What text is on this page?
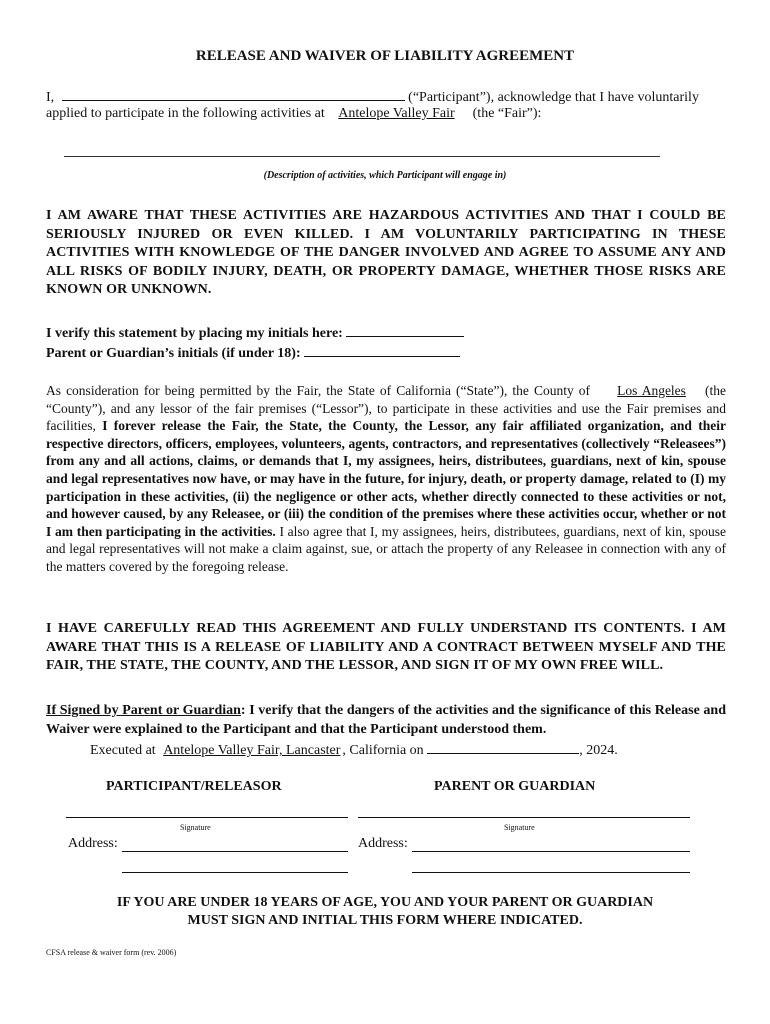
RELEASE AND WAIVER OF LIABILITY AGREEMENT
I,	(“Participant”), acknowledge that I have voluntarily
applied to participate in the following activities at Antelope Valley Fair (the “Fair”):
(Description of activities, which Participant will engage in)
I AM AWARE THAT THESE ACTIVITIES ARE HAZARDOUS ACTIVITIES AND THAT I COULD BE SERIOUSLY INJURED OR EVEN KILLED. I AM VOLUNTARILY PARTICIPATING IN THESE ACTIVITIES WITH KNOWLEDGE OF THE DANGER INVOLVED AND AGREE TO ASSUME ANY AND ALL RISKS OF BODILY INJURY, DEATH, OR PROPERTY DAMAGE, WHETHER THOSE RISKS ARE KNOWN OR UNKNOWN.
I verify this statement by placing my initials here:
Parent or Guardian’s initials (if under 18):
As consideration for being permitted by the Fair, the State of California (“State”), the County of Los Angeles (the “County”), and any lessor of the fair premises (“Lessor”), to participate in these activities and use the Fair premises and facilities, I forever release the Fair, the State, the County, the Lessor, any fair affiliated organization, and their respective directors, officers, employees, volunteers, agents, contractors, and representatives (collectively “Releasees”) from any and all actions, claims, or demands that I, my assignees, heirs, distributees, guardians, next of kin, spouse and legal representatives now have, or may have in the future, for injury, death, or property damage, related to (I) my participation in these activities, (ii) the negligence or other acts, whether directly connected to these activities or not, and however caused, by any Releasee, or (iii) the condition of the premises where these activities occur, whether or not I am then participating in the activities. I also agree that I, my assignees, heirs, distributees, guardians, next of kin, spouse and legal representatives will not make a claim against, sue, or attach the property of any Releasee in connection with any of the matters covered by the foregoing release.
I HAVE CAREFULLY READ THIS AGREEMENT AND FULLY UNDERSTAND ITS CONTENTS. I AM AWARE THAT THIS IS A RELEASE OF LIABILITY AND A CONTRACT BETWEEN MYSELF AND THE FAIR, THE STATE, THE COUNTY, AND THE LESSOR, AND SIGN IT OF MY OWN FREE WILL.
If Signed by Parent or Guardian: I verify that the dangers of the activities and the significance of this Release and Waiver were explained to the Participant and that the Participant understood them.
Executed at Antelope Valley Fair, Lancaster , California on	, 2024.
PARTICIPANT/RELEASOR	PARENT OR GUARDIAN
Signature	Signature
Address:	Address:
IF YOU ARE UNDER 18 YEARS OF AGE, YOU AND YOUR PARENT OR GUARDIAN
MUST SIGN AND INITIAL THIS FORM WHERE INDICATED.
CFSA release & waiver form (rev. 2006)
